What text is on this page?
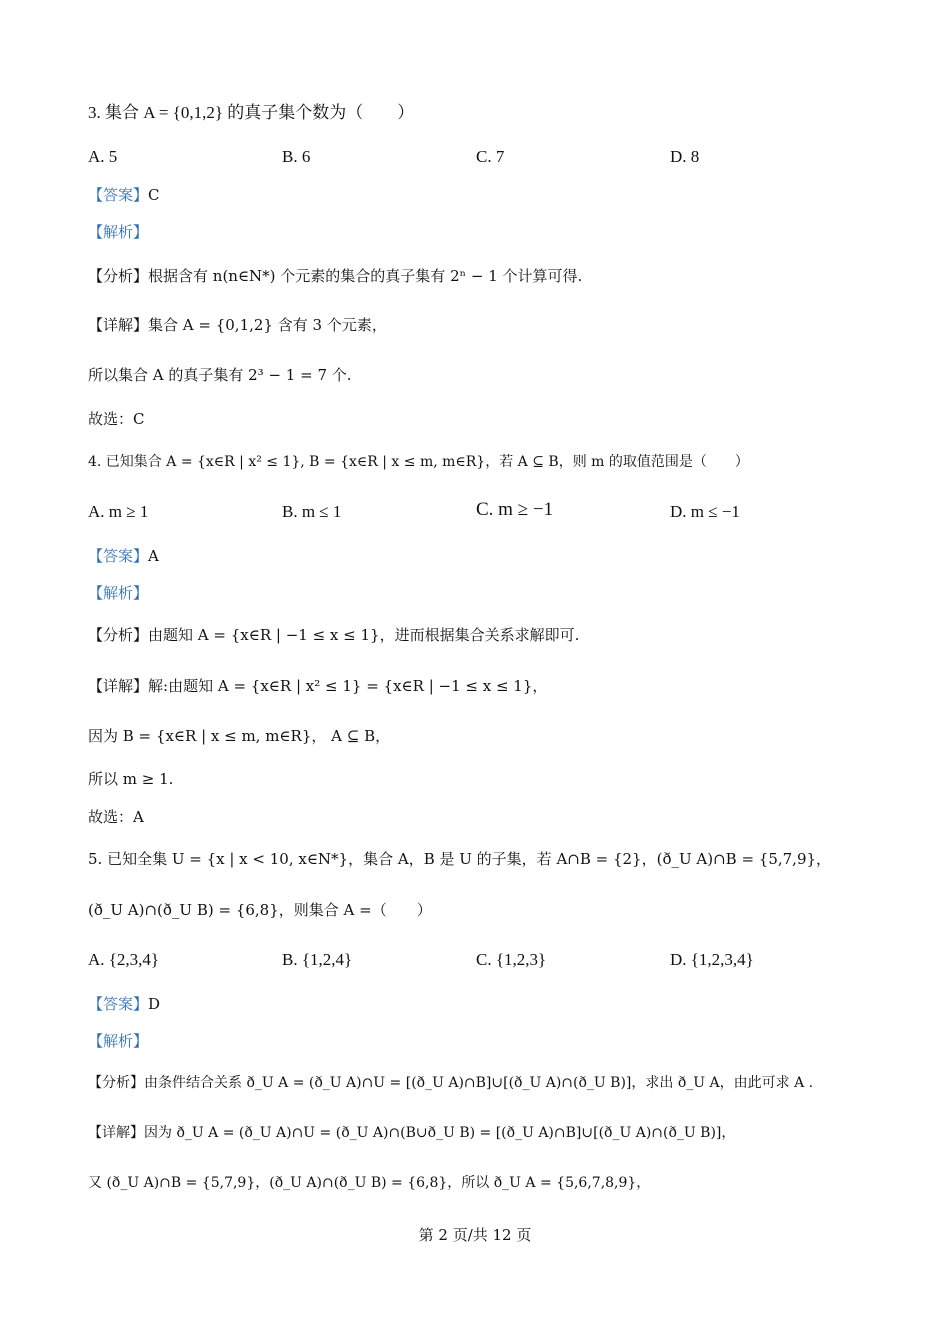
3. 集合 A = {0,1,2} 的真子集个数为（　　）
A. 5	B. 6	C. 7	D. 8
【答案】C
【解析】
【分析】根据含有 n(n∈N*) 个元素的集合的真子集有 2ⁿ − 1 个计算可得.
【详解】集合 A = {0,1,2} 含有 3 个元素，
所以集合 A 的真子集有 2³ − 1 = 7 个.
故选：C
4. 已知集合 A = {x∈R | x² ≤ 1}, B = {x∈R | x ≤ m, m∈R}，若 A ⊆ B，则 m 的取值范围是（　　）
A. m ≥ 1	B. m ≤ 1	C. m ≥ −1	D. m ≤ −1
【答案】A
【解析】
【分析】由题知 A = {x∈R | −1 ≤ x ≤ 1}，进而根据集合关系求解即可.
【详解】解:由题知 A = {x∈R | x² ≤ 1} = {x∈R | −1 ≤ x ≤ 1}，
因为 B = {x∈R | x ≤ m, m∈R}， A ⊆ B，
所以 m ≥ 1.
故选：A
5. 已知全集 U = {x | x < 10, x∈N*}，集合 A，B 是 U 的子集，若 A∩B = {2}，(ð_U A)∩B = {5,7,9}，
(ð_U A)∩(ð_U B) = {6,8}，则集合 A =（　　）
A. {2,3,4}	B. {1,2,4}	C. {1,2,3}	D. {1,2,3,4}
【答案】D
【解析】
【分析】由条件结合关系 ð_U A = (ð_U A)∩U = [(ð_U A)∩B]∪[(ð_U A)∩(ð_U B)]，求出 ð_U A，由此可求 A .
【详解】因为 ð_U A = (ð_U A)∩U = (ð_U A)∩(B∪ð_U B) = [(ð_U A)∩B]∪[(ð_U A)∩(ð_U B)]，
又 (ð_U A)∩B = {5,7,9}，(ð_U A)∩(ð_U B) = {6,8}，所以 ð_U A = {5,6,7,8,9}，
第 2 页/共 12 页
